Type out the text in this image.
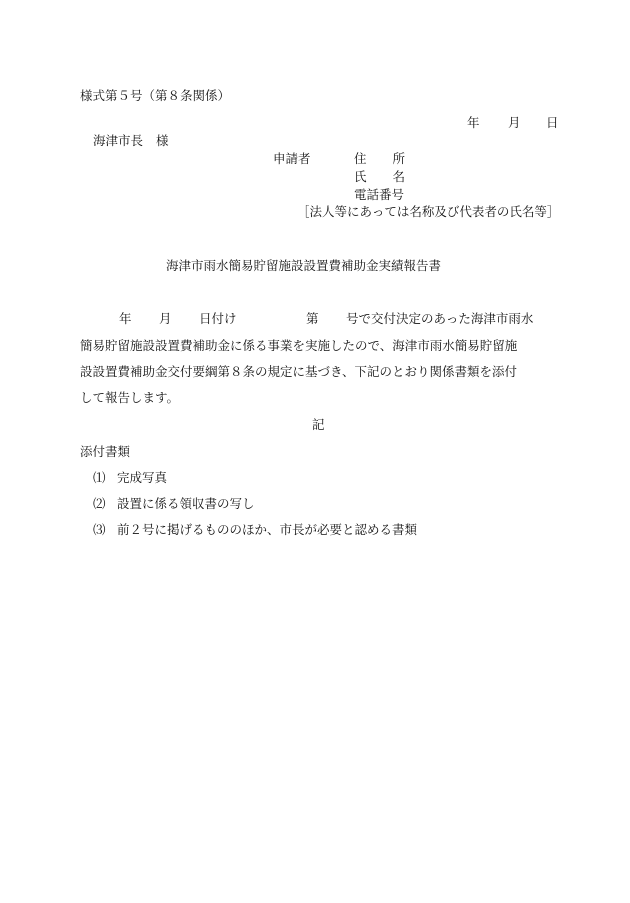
様式第５号（第８条関係）
年 月 日
海津市長 様
申請者	住 所
氏 名
電話番号
［法人等にあっては名称及び代表者の氏名等］
海津市雨水簡易貯留施設設置費補助金実績報告書
年 月 日付け	第 号で交付決定のあった海津市雨水
簡易貯留施設設置費補助金に係る事業を実施したので、海津市雨水簡易貯留施
設設置費補助金交付要綱第８条の規定に基づき、下記のとおり関係書類を添付
して報告します。
記
添付書類
⑴ 完成写真
⑵ 設置に係る領収書の写し
⑶ 前２号に掲げるもののほか、市長が必要と認める書類
